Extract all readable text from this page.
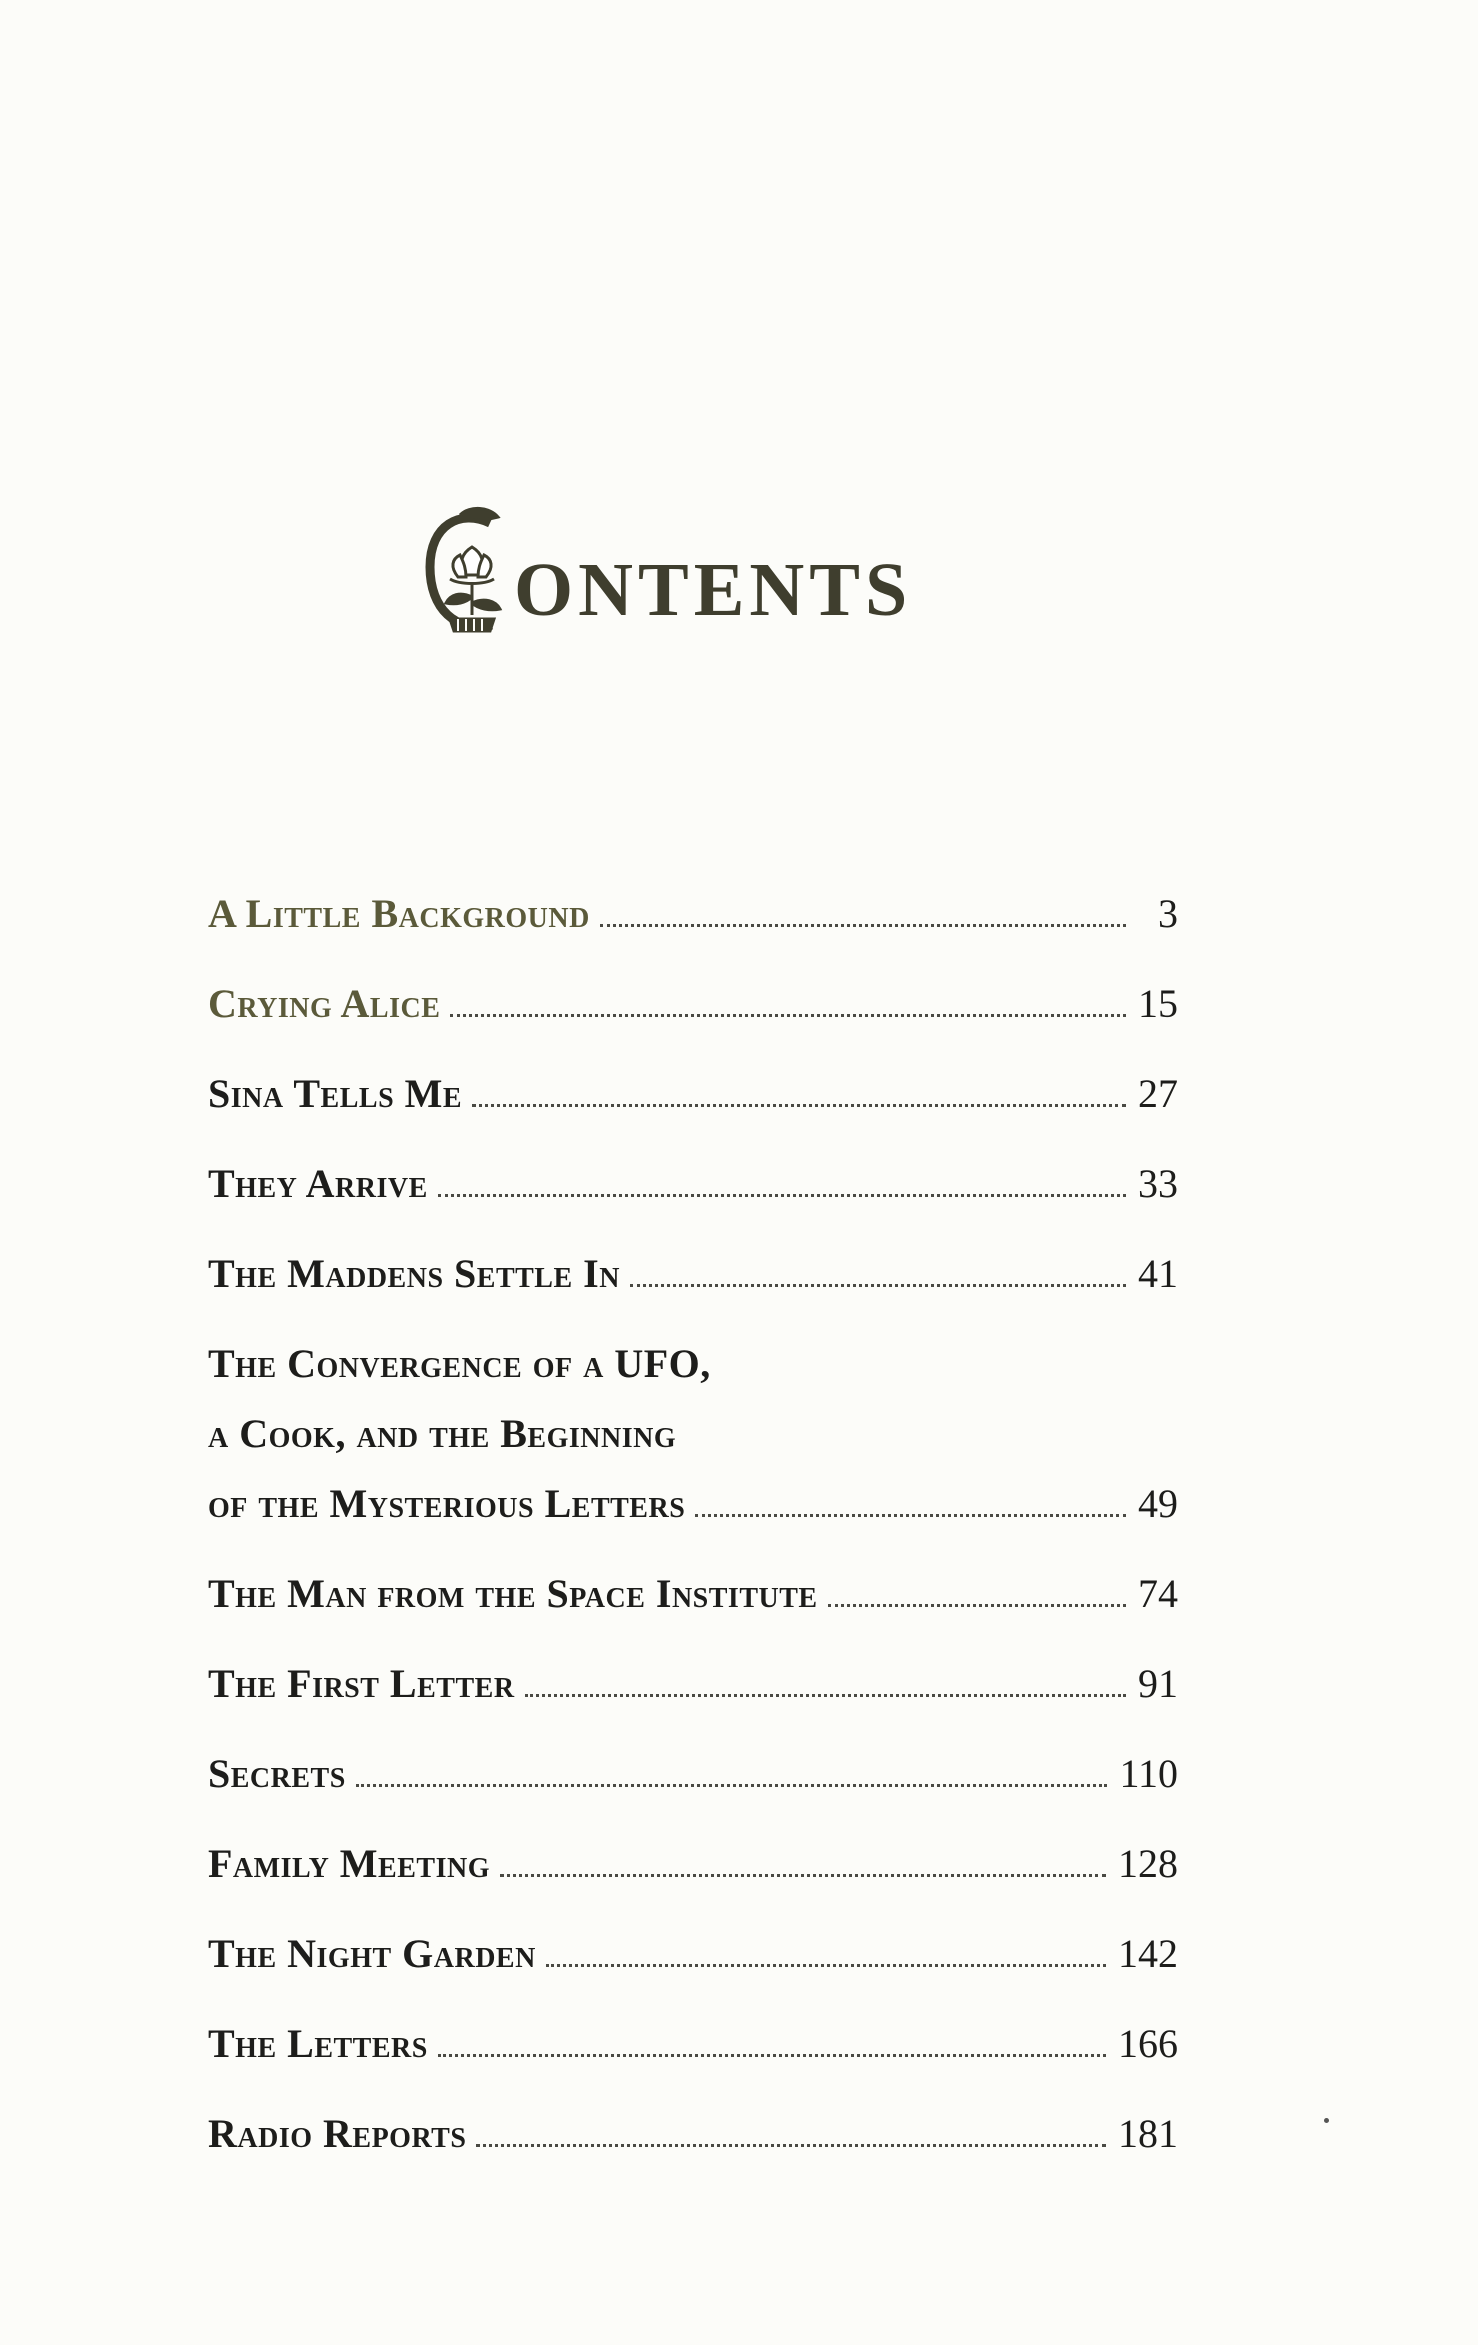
ONTENTS
A Little Background	3
Crying Alice	15
Sina Tells Me	27
They Arrive	33
The Maddens Settle In	41
The Convergence of a UFO,
a Cook, and the Beginning
of the Mysterious Letters	49
The Man from the Space Institute	74
The First Letter	91
Secrets	110
Family Meeting	128
The Night Garden	142
The Letters	166
Radio Reports	181
